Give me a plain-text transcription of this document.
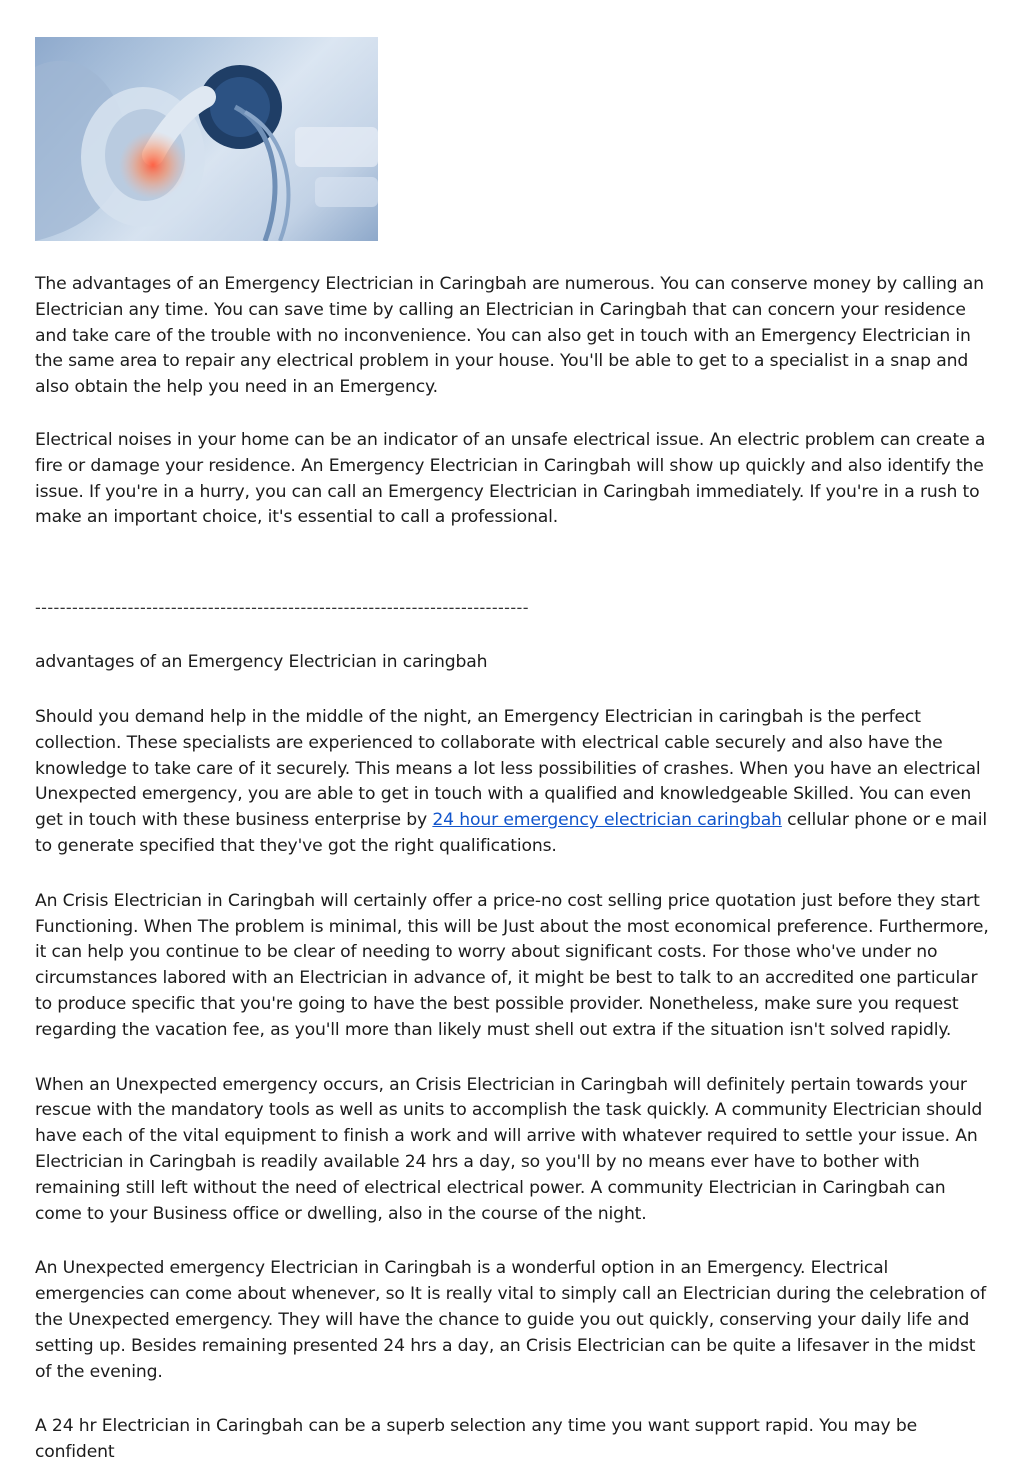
The advantages of an Emergency Electrician in Caringbah are numerous. You can conserve money by calling an Electrician any time. You can save time by calling an Electrician in Caringbah that can concern your residence and take care of the trouble with no inconvenience. You can also get in touch with an Emergency Electrician in the same area to repair any electrical problem in your house. You'll be able to get to a specialist in a snap and also obtain the help you need in an Emergency.

Electrical noises in your home can be an indicator of an unsafe electrical issue. An electric problem can create a fire or damage your residence. An Emergency Electrician in Caringbah will show up quickly and also identify the issue. If you're in a hurry, you can call an Emergency Electrician in Caringbah immediately. If you're in a rush to make an important choice, it's essential to call a professional.

--------------------------------------------------------------------------------

advantages of an Emergency Electrician in caringbah

Should you demand help in the middle of the night, an Emergency Electrician in caringbah is the perfect collection. These specialists are experienced to collaborate with electrical cable securely and also have the knowledge to take care of it securely. This means a lot less possibilities of crashes. When you have an electrical Unexpected emergency, you are able to get in touch with a qualified and knowledgeable Skilled. You can even get in touch with these business enterprise by 24 hour emergency electrician caringbah cellular phone or e mail to generate specified that they've got the right qualifications.

An Crisis Electrician in Caringbah will certainly offer a price-no cost selling price quotation just before they start Functioning. When The problem is minimal, this will be Just about the most economical preference. Furthermore, it can help you continue to be clear of needing to worry about significant costs. For those who've under no circumstances labored with an Electrician in advance of, it might be best to talk to an accredited one particular to produce specific that you're going to have the best possible provider. Nonetheless, make sure you request regarding the vacation fee, as you'll more than likely must shell out extra if the situation isn't solved rapidly.

When an Unexpected emergency occurs, an Crisis Electrician in Caringbah will definitely pertain towards your rescue with the mandatory tools as well as units to accomplish the task quickly. A community Electrician should have each of the vital equipment to finish a work and will arrive with whatever required to settle your issue. An Electrician in Caringbah is readily available 24 hrs a day, so you'll by no means ever have to bother with remaining still left without the need of electrical electrical power. A community Electrician in Caringbah can come to your Business office or dwelling, also in the course of the night.

An Unexpected emergency Electrician in Caringbah is a wonderful option in an Emergency. Electrical emergencies can come about whenever, so It is really vital to simply call an Electrician during the celebration of the Unexpected emergency. They will have the chance to guide you out quickly, conserving your daily life and setting up. Besides remaining presented 24 hrs a day, an Crisis Electrician can be quite a lifesaver in the midst of the evening.

A 24 hr Electrician in Caringbah can be a superb selection any time you want support rapid. You may be confident
